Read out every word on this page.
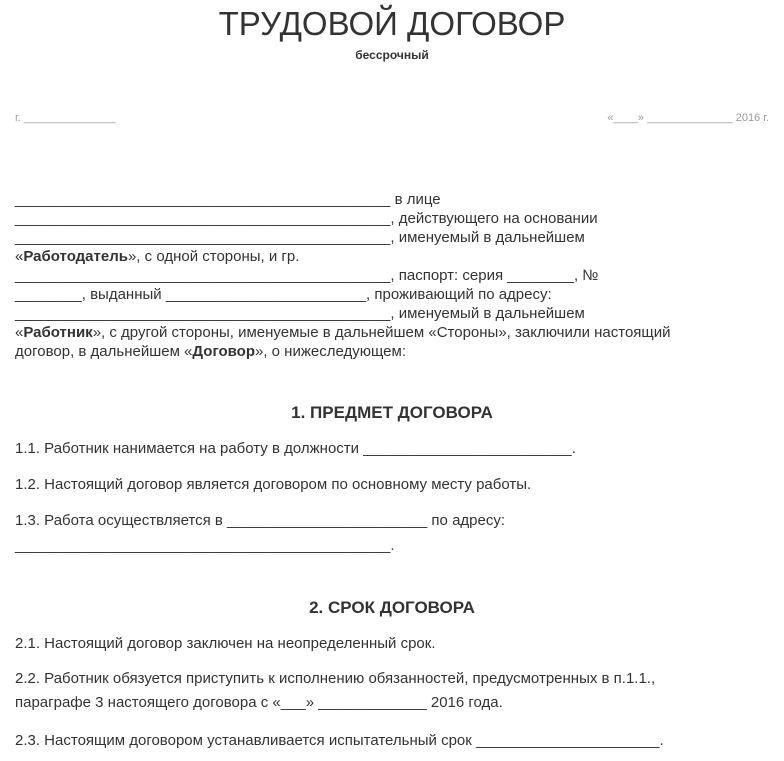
ТРУДОВОЙ ДОГОВОР
бессрочный
г. _______________	«____» ______________ 2016 г.
_____________________________________________ в лице
_____________________________________________, действующего на основании
_____________________________________________, именуемый в дальнейшем
«Работодатель», с одной стороны, и гр.
_____________________________________________, паспорт: серия ________, №
________, выданный ________________________, проживающий по адресу:
_____________________________________________, именуемый в дальнейшем
«Работник», с другой стороны, именуемые в дальнейшем «Стороны», заключили настоящий
договор, в дальнейшем «Договор», о нижеследующем:
1. ПРЕДМЕТ ДОГОВОРА
1.1. Работник нанимается на работу в должности _________________________.
1.2. Настоящий договор является договором по основному месту работы.
1.3. Работа осуществляется в ________________________ по адресу:
_____________________________________________.
2. СРОК ДОГОВОРА
2.1. Настоящий договор заключен на неопределенный срок.
2.2. Работник обязуется приступить к исполнению обязанностей, предусмотренных в п.1.1.,
параграфе 3 настоящего договора с «___» _____________ 2016 года.
2.3. Настоящим договором устанавливается испытательный срок ______________________.
